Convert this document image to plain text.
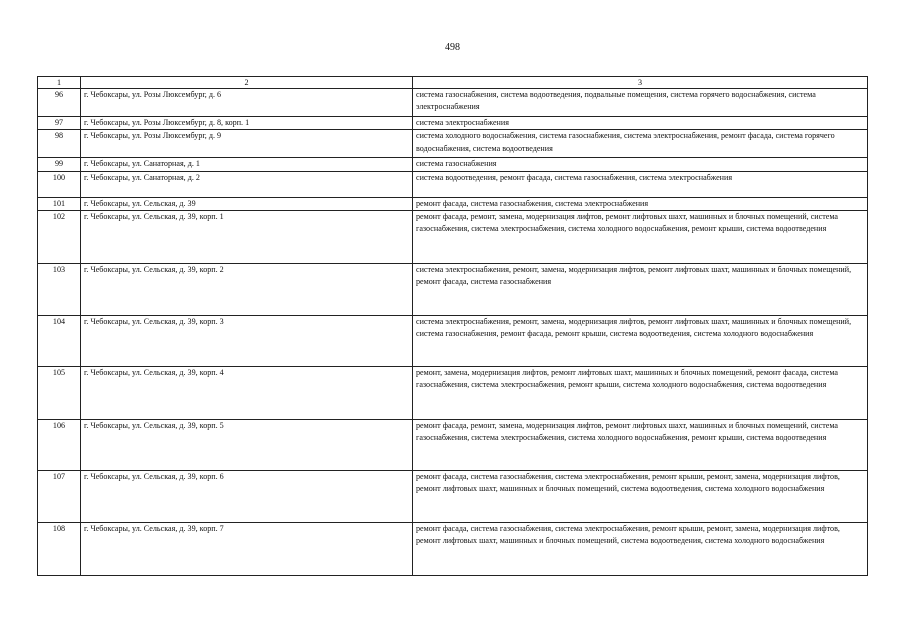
498
1	2	3
96	г. Чебоксары, ул. Розы Люксембург, д. 6	система газоснабжения, система водоотведения, подвальные помещения, система горячего водоснабжения, система электроснабжения
97	г. Чебоксары, ул. Розы Люксембург, д. 8, корп. 1	система электроснабжения
98	г. Чебоксары, ул. Розы Люксембург, д. 9	система холодного водоснабжения, система газоснабжения, система электроснабжения, ремонт фасада, система горячего водоснабжения, система водоотведения
99	г. Чебоксары, ул. Санаторная, д. 1	система газоснабжения
100	г. Чебоксары, ул. Санаторная, д. 2	система водоотведения, ремонт фасада, система газоснабжения, система электроснабжения
101	г. Чебоксары, ул. Сельская, д. 39	ремонт фасада, система газоснабжения, система электроснабжения
102	г. Чебоксары, ул. Сельская, д. 39, корп. 1	ремонт фасада, ремонт, замена, модернизация лифтов, ремонт лифтовых шахт, машинных и блочных помещений, система газоснабжения, система электроснабжения, система холодного водоснабжения, ремонт крыши, система водоотведения
103	г. Чебоксары, ул. Сельская, д. 39, корп. 2	система электроснабжения, ремонт, замена, модернизация лифтов, ремонт лифтовых шахт, машинных и блочных помещений, ремонт фасада, система газоснабжения
104	г. Чебоксары, ул. Сельская, д. 39, корп. 3	система электроснабжения, ремонт, замена, модернизация лифтов, ремонт лифтовых шахт, машинных и блочных помещений, система газоснабжения, ремонт фасада, ремонт крыши, система водоотведения, система холодного водоснабжения
105	г. Чебоксары, ул. Сельская, д. 39, корп. 4	ремонт, замена, модернизация лифтов, ремонт лифтовых шахт, машинных и блочных помещений, ремонт фасада, система газоснабжения, система электроснабжения, ремонт крыши, система холодного водоснабжения, система водоотведения
106	г. Чебоксары, ул. Сельская, д. 39, корп. 5	ремонт фасада, ремонт, замена, модернизация лифтов, ремонт лифтовых шахт, машинных и блочных помещений, система газоснабжения, система электроснабжения, система холодного водоснабжения, ремонт крыши, система водоотведения
107	г. Чебоксары, ул. Сельская, д. 39, корп. 6	ремонт фасада, система газоснабжения, система электроснабжения, ремонт крыши, ремонт, замена, модернизация лифтов, ремонт лифтовых шахт, машинных и блочных помещений, система водоотведения, система холодного водоснабжения
108	г. Чебоксары, ул. Сельская, д. 39, корп. 7	ремонт фасада, система газоснабжения, система электроснабжения, ремонт крыши, ремонт, замена, модернизация лифтов, ремонт лифтовых шахт, машинных и блочных помещений, система водоотведения, система холодного водоснабжения
